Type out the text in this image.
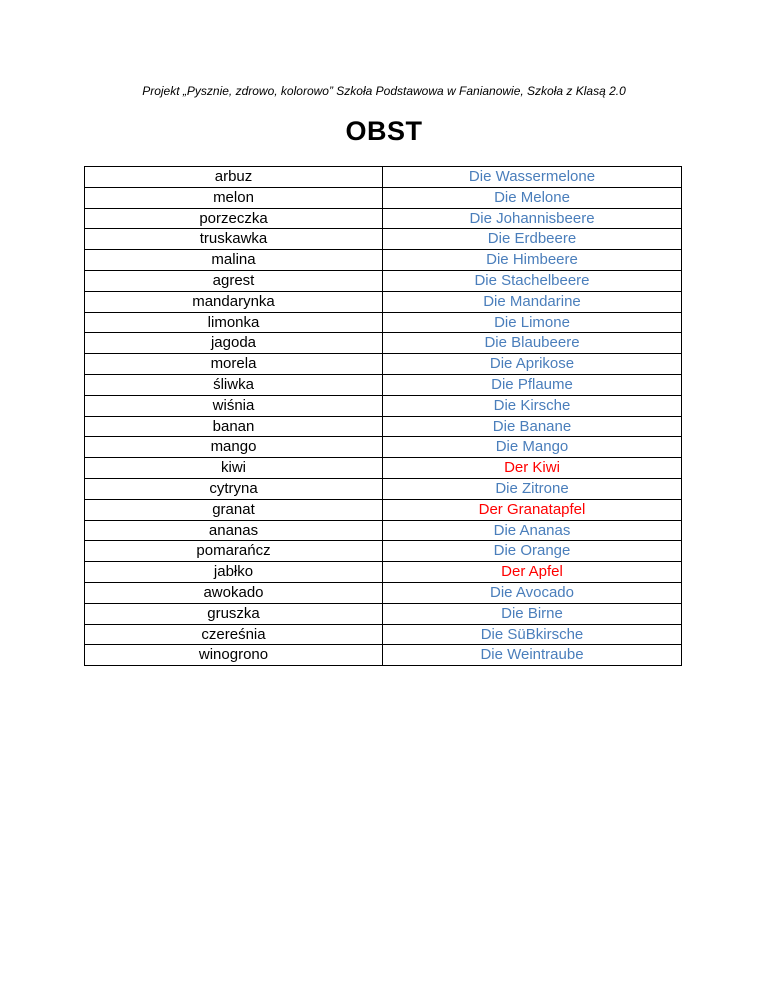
Projekt „Pysznie, zdrowo, kolorowo” Szkoła Podstawowa w Fanianowie, Szkoła z Klasą 2.0
OBST
arbuz	Die Wassermelone
melon	Die Melone
porzeczka	Die Johannisbeere
truskawka	Die Erdbeere
malina	Die Himbeere
agrest	Die Stachelbeere
mandarynka	Die Mandarine
limonka	Die Limone
jagoda	Die Blaubeere
morela	Die Aprikose
śliwka	Die Pflaume
wiśnia	Die Kirsche
banan	Die Banane
mango	Die Mango
kiwi	Der Kiwi
cytryna	Die Zitrone
granat	Der Granatapfel
ananas	Die Ananas
pomarańcz	Die Orange
jabłko	Der Apfel
awokado	Die Avocado
gruszka	Die Birne
czereśnia	Die SüBkirsche
winogrono	Die Weintraube
